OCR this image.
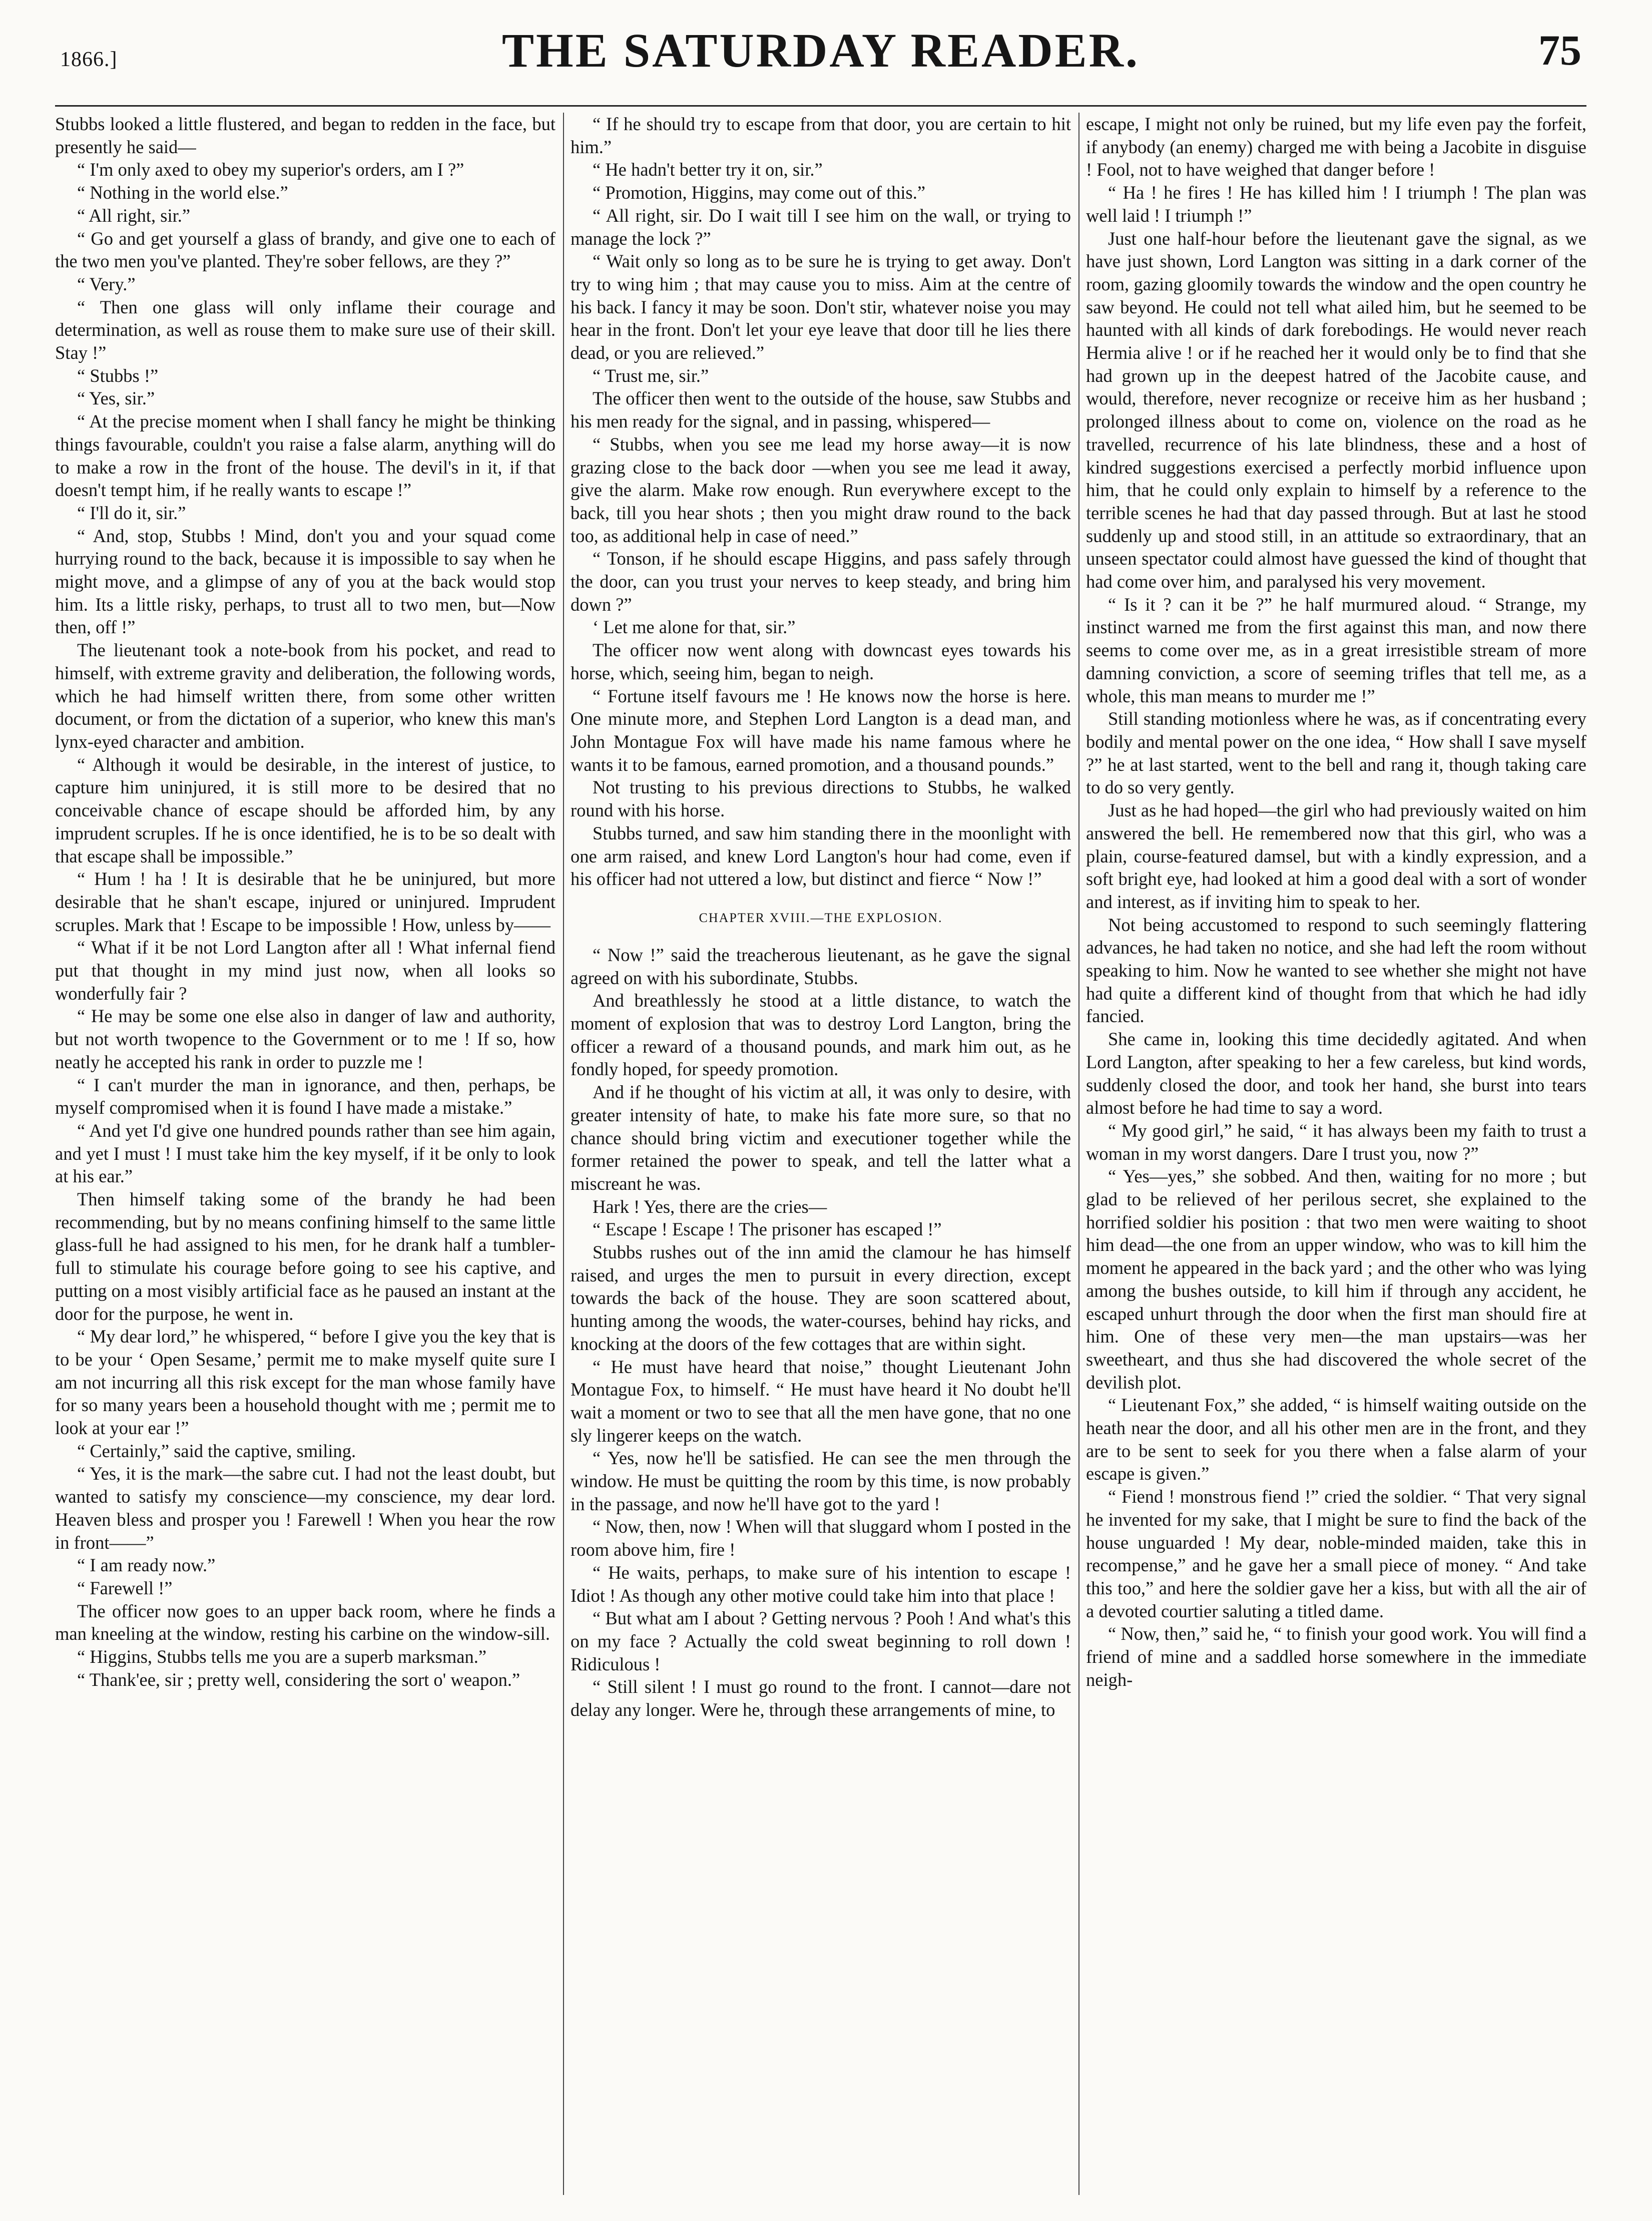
1866.]	THE SATURDAY READER.	75

Stubbs looked a little flustered, and began to redden in the face, but presently he said—

“ I'm only axed to obey my superior's orders, am I ?”

“ Nothing in the world else.”

“ All right, sir.”

“ Go and get yourself a glass of brandy, and give one to each of the two men you've planted. They're sober fellows, are they ?”

“ Very.”

“ Then one glass will only inflame their courage and determination, as well as rouse them to make sure use of their skill. Stay !”

“ Stubbs !”

“ Yes, sir.”

“ At the precise moment when I shall fancy he might be thinking things favourable, couldn't you raise a false alarm, anything will do to make a row in the front of the house. The devil's in it, if that doesn't tempt him, if he really wants to escape !”

“ I'll do it, sir.”

“ And, stop, Stubbs ! Mind, don't you and your squad come hurrying round to the back, because it is impossible to say when he might move, and a glimpse of any of you at the back would stop him. Its a little risky, perhaps, to trust all to two men, but—Now then, off !”

The lieutenant took a note-book from his pocket, and read to himself, with extreme gravity and deliberation, the following words, which he had himself written there, from some other written document, or from the dictation of a superior, who knew this man's lynx-eyed character and ambition.

“ Although it would be desirable, in the interest of justice, to capture him uninjured, it is still more to be desired that no conceivable chance of escape should be afforded him, by any imprudent scruples. If he is once identified, he is to be so dealt with that escape shall be impossible.”

“ Hum ! ha ! It is desirable that he be uninjured, but more desirable that he shan't escape, injured or uninjured. Imprudent scruples. Mark that ! Escape to be impossible ! How, unless by——

“ What if it be not Lord Langton after all ! What infernal fiend put that thought in my mind just now, when all looks so wonderfully fair ?

“ He may be some one else also in danger of law and authority, but not worth twopence to the Government or to me ! If so, how neatly he accepted his rank in order to puzzle me !

“ I can't murder the man in ignorance, and then, perhaps, be myself compromised when it is found I have made a mistake.”

“ And yet I'd give one hundred pounds rather than see him again, and yet I must ! I must take him the key myself, if it be only to look at his ear.”

Then himself taking some of the brandy he had been recommending, but by no means confining himself to the same little glass-full he had assigned to his men, for he drank half a tumbler-full to stimulate his courage before going to see his captive, and putting on a most visibly artificial face as he paused an instant at the door for the purpose, he went in.

“ My dear lord,” he whispered, “ before I give you the key that is to be your ‘ Open Sesame,’ permit me to make myself quite sure I am not incurring all this risk except for the man whose family have for so many years been a household thought with me ; permit me to look at your ear !”

“ Certainly,” said the captive, smiling.

“ Yes, it is the mark—the sabre cut. I had not the least doubt, but wanted to satisfy my conscience—my conscience, my dear lord. Heaven bless and prosper you ! Farewell ! When you hear the row in front——”

“ I am ready now.”

“ Farewell !”

The officer now goes to an upper back room, where he finds a man kneeling at the window, resting his carbine on the window-sill.

“ Higgins, Stubbs tells me you are a superb marksman.”

“ Thank'ee, sir ; pretty well, considering the sort o' weapon.”

“ If he should try to escape from that door, you are certain to hit him.”

“ He hadn't better try it on, sir.”

“ Promotion, Higgins, may come out of this.”

“ All right, sir. Do I wait till I see him on the wall, or trying to manage the lock ?”

“ Wait only so long as to be sure he is trying to get away. Don't try to wing him ; that may cause you to miss. Aim at the centre of his back. I fancy it may be soon. Don't stir, whatever noise you may hear in the front. Don't let your eye leave that door till he lies there dead, or you are relieved.”

“ Trust me, sir.”

The officer then went to the outside of the house, saw Stubbs and his men ready for the signal, and in passing, whispered—

“ Stubbs, when you see me lead my horse away—it is now grazing close to the back door —when you see me lead it away, give the alarm. Make row enough. Run everywhere except to the back, till you hear shots ; then you might draw round to the back too, as additional help in case of need.”

“ Tonson, if he should escape Higgins, and pass safely through the door, can you trust your nerves to keep steady, and bring him down ?”

‘ Let me alone for that, sir.”

The officer now went along with downcast eyes towards his horse, which, seeing him, began to neigh.

“ Fortune itself favours me ! He knows now the horse is here. One minute more, and Stephen Lord Langton is a dead man, and John Montague Fox will have made his name famous where he wants it to be famous, earned promotion, and a thousand pounds.”

Not trusting to his previous directions to Stubbs, he walked round with his horse.

Stubbs turned, and saw him standing there in the moonlight with one arm raised, and knew Lord Langton's hour had come, even if his officer had not uttered a low, but distinct and fierce “ Now !”

CHAPTER XVIII.—THE EXPLOSION.

“ Now !” said the treacherous lieutenant, as he gave the signal agreed on with his subordinate, Stubbs.

And breathlessly he stood at a little distance, to watch the moment of explosion that was to destroy Lord Langton, bring the officer a reward of a thousand pounds, and mark him out, as he fondly hoped, for speedy promotion.

And if he thought of his victim at all, it was only to desire, with greater intensity of hate, to make his fate more sure, so that no chance should bring victim and executioner together while the former retained the power to speak, and tell the latter what a miscreant he was.

Hark ! Yes, there are the cries—

“ Escape ! Escape ! The prisoner has escaped !”

Stubbs rushes out of the inn amid the clamour he has himself raised, and urges the men to pursuit in every direction, except towards the back of the house. They are soon scattered about, hunting among the woods, the water-courses, behind hay ricks, and knocking at the doors of the few cottages that are within sight.

“ He must have heard that noise,” thought Lieutenant John Montague Fox, to himself. “ He must have heard it No doubt he'll wait a moment or two to see that all the men have gone, that no one sly lingerer keeps on the watch.

“ Yes, now he'll be satisfied. He can see the men through the window. He must be quitting the room by this time, is now probably in the passage, and now he'll have got to the yard !

“ Now, then, now ! When will that sluggard whom I posted in the room above him, fire !

“ He waits, perhaps, to make sure of his intention to escape ! Idiot ! As though any other motive could take him into that place !

“ But what am I about ? Getting nervous ? Pooh ! And what's this on my face ? Actually the cold sweat beginning to roll down ! Ridiculous !

“ Still silent ! I must go round to the front. I cannot—dare not delay any longer. Were he, through these arrangements of mine, to

escape, I might not only be ruined, but my life even pay the forfeit, if anybody (an enemy) charged me with being a Jacobite in disguise ! Fool, not to have weighed that danger before !

“ Ha ! he fires ! He has killed him ! I triumph ! The plan was well laid ! I triumph !”

Just one half-hour before the lieutenant gave the signal, as we have just shown, Lord Langton was sitting in a dark corner of the room, gazing gloomily towards the window and the open country he saw beyond. He could not tell what ailed him, but he seemed to be haunted with all kinds of dark forebodings. He would never reach Hermia alive ! or if he reached her it would only be to find that she had grown up in the deepest hatred of the Jacobite cause, and would, therefore, never recognize or receive him as her husband ; prolonged illness about to come on, violence on the road as he travelled, recurrence of his late blindness, these and a host of kindred suggestions exercised a perfectly morbid influence upon him, that he could only explain to himself by a reference to the terrible scenes he had that day passed through. But at last he stood suddenly up and stood still, in an attitude so extraordinary, that an unseen spectator could almost have guessed the kind of thought that had come over him, and paralysed his very movement.

“ Is it ? can it be ?” he half murmured aloud. “ Strange, my instinct warned me from the first against this man, and now there seems to come over me, as in a great irresistible stream of more damning conviction, a score of seeming trifles that tell me, as a whole, this man means to murder me !”

Still standing motionless where he was, as if concentrating every bodily and mental power on the one idea, “ How shall I save myself ?” he at last started, went to the bell and rang it, though taking care to do so very gently.

Just as he had hoped—the girl who had previously waited on him answered the bell. He remembered now that this girl, who was a plain, course-featured damsel, but with a kindly expression, and a soft bright eye, had looked at him a good deal with a sort of wonder and interest, as if inviting him to speak to her.

Not being accustomed to respond to such seemingly flattering advances, he had taken no notice, and she had left the room without speaking to him. Now he wanted to see whether she might not have had quite a different kind of thought from that which he had idly fancied.

She came in, looking this time decidedly agitated. And when Lord Langton, after speaking to her a few careless, but kind words, suddenly closed the door, and took her hand, she burst into tears almost before he had time to say a word.

“ My good girl,” he said, “ it has always been my faith to trust a woman in my worst dangers. Dare I trust you, now ?”

“ Yes—yes,” she sobbed. And then, waiting for no more ; but glad to be relieved of her perilous secret, she explained to the horrified soldier his position : that two men were waiting to shoot him dead—the one from an upper window, who was to kill him the moment he appeared in the back yard ; and the other who was lying among the bushes outside, to kill him if through any accident, he escaped unhurt through the door when the first man should fire at him. One of these very men—the man upstairs—was her sweetheart, and thus she had discovered the whole secret of the devilish plot.

“ Lieutenant Fox,” she added, “ is himself waiting outside on the heath near the door, and all his other men are in the front, and they are to be sent to seek for you there when a false alarm of your escape is given.”

“ Fiend ! monstrous fiend !” cried the soldier. “ That very signal he invented for my sake, that I might be sure to find the back of the house unguarded ! My dear, noble-minded maiden, take this in recompense,” and he gave her a small piece of money. “ And take this too,” and here the soldier gave her a kiss, but with all the air of a devoted courtier saluting a titled dame.

“ Now, then,” said he, “ to finish your good work. You will find a friend of mine and a saddled horse somewhere in the immediate neigh-
